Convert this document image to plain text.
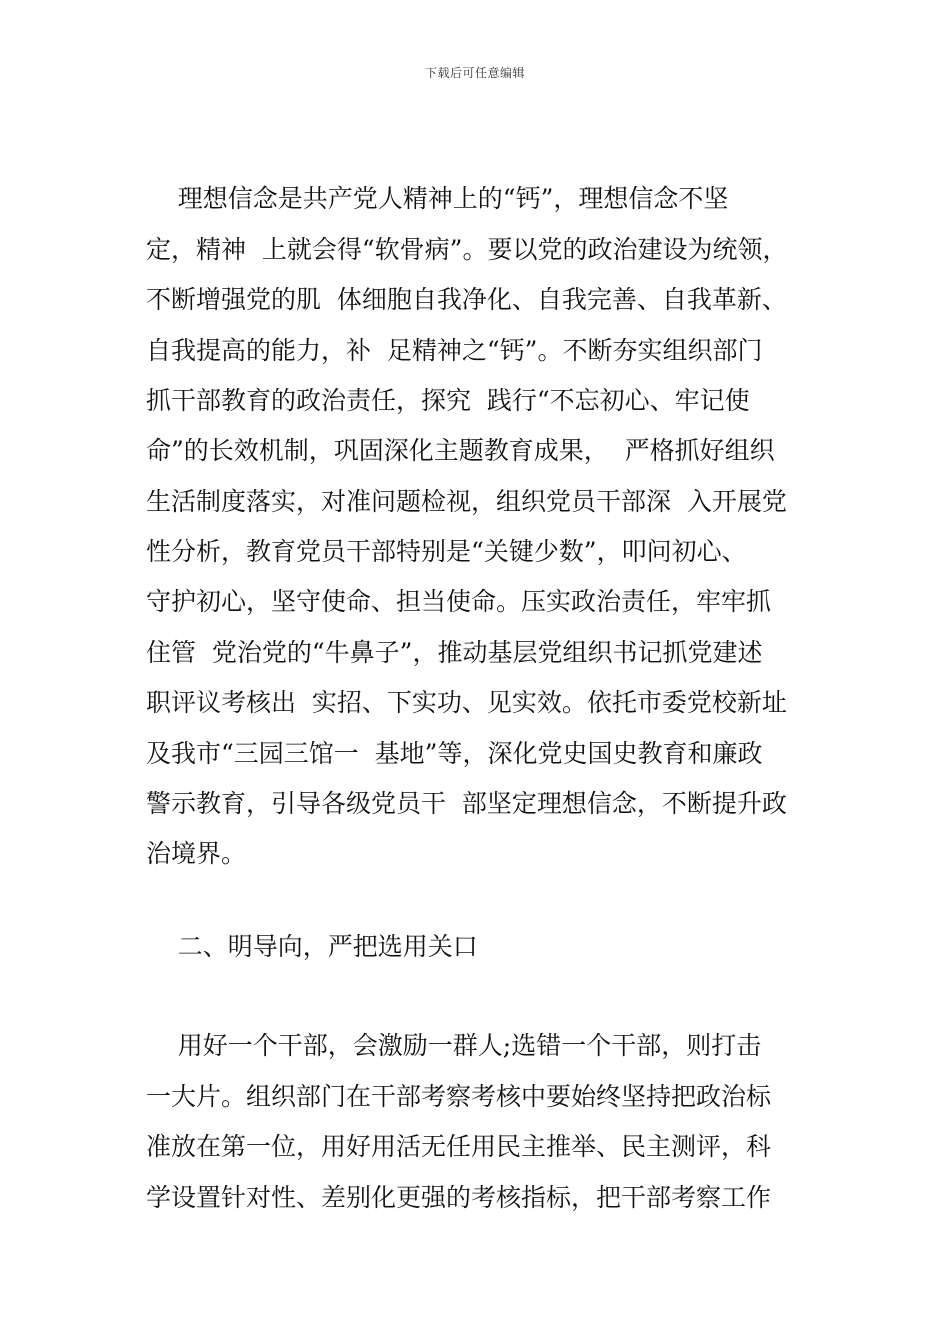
下载后可任意编辑
理想信念是共产党人精神上的“钙”，理想信念不坚
定，精神  上就会得“软骨病”。要以党的政治建设为统领，
不断增强党的肌  体细胞自我净化、自我完善、自我革新、
自我提高的能力，补  足精神之“钙”。不断夯实组织部门
抓干部教育的政治责任，探究  践行“不忘初心、牢记使
命”的长效机制，巩固深化主题教育成果，  严格抓好组织
生活制度落实，对准问题检视，组织党员干部深  入开展党
性分析，教育党员干部特别是“关键少数”，叩问初心、
守护初心，坚守使命、担当使命。压实政治责任，牢牢抓
住管  党治党的“牛鼻子”，推动基层党组织书记抓党建述
职评议考核出  实招、下实功、见实效。依托市委党校新址
及我市“三园三馆一  基地”等，深化党史国史教育和廉政
警示教育，引导各级党员干  部坚定理想信念，不断提升政
治境界。
二、明导向，严把选用关口
用好一个干部，会激励一群人;选错一个干部，则打击
一大片。组织部门在干部考察考核中要始终坚持把政治标
准放在第一位，用好用活无任用民主推举、民主测评，科
学设置针对性、差别化更强的考核指标，把干部考察工作
